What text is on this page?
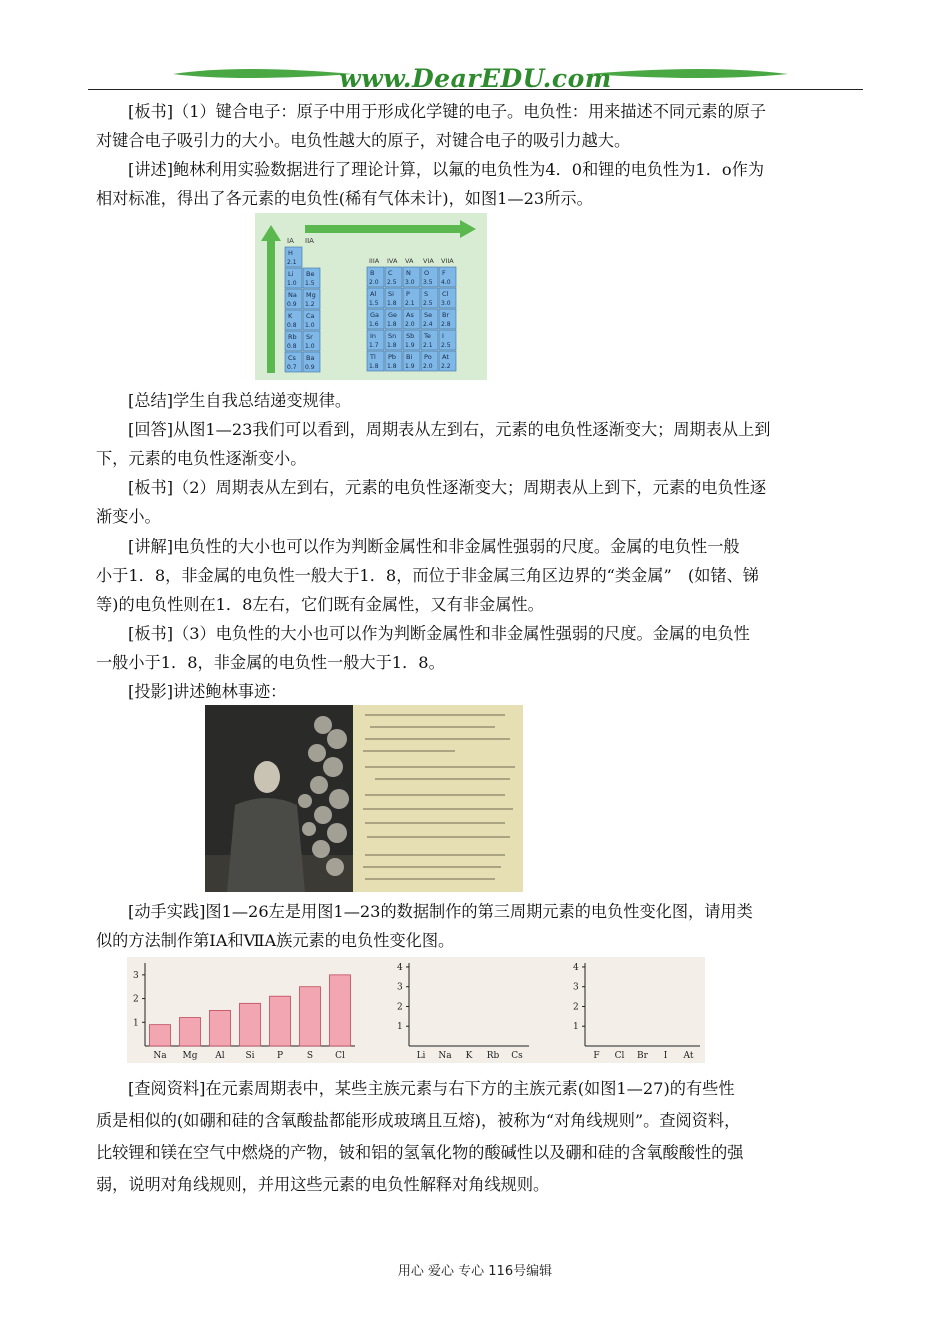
www.DearEDU.com
[板书]（1）键合电子：原子中用于形成化学键的电子。电负性：用来描述不同元素的原子
对键合电子吸引力的大小。电负性越大的原子，对键合电子的吸引力越大。
[讲述]鲍林利用实验数据进行了理论计算，以氟的电负性为4．0和锂的电负性为1．o作为
相对标准，得出了各元素的电负性(稀有气体未计)，如图1—23所示。
IA IIA
IIIA IVA VA VIA VIIA
H
2.1
Li
1.0
Be
1.5
Na
0.9
Mg
1.2
K
0.8
Ca
1.0
Rb
0.8
Sr
1.0
Cs
0.7
Ba
0.9
B
2.0
C
2.5
N
3.0
O
3.5
F
4.0
Al
1.5
Si
1.8
P
2.1
S
2.5
Cl
3.0
Ga
1.6
Ge
1.8
As
2.0
Se
2.4
Br
2.8
In
1.7
Sn
1.8
Sb
1.9
Te
2.1
I
2.5
Tl
1.8
Pb
1.8
Bi
1.9
Po
2.0
At
2.2
[总结]学生自我总结递变规律。
[回答]从图1—23我们可以看到，周期表从左到右，元素的电负性逐渐变大；周期表从上到
下，元素的电负性逐渐变小。
[板书]（2）周期表从左到右，元素的电负性逐渐变大；周期表从上到下，元素的电负性逐
渐变小。
[讲解]电负性的大小也可以作为判断金属性和非金属性强弱的尺度。金属的电负性一般
小于1．8，非金属的电负性一般大于1．8，而位于非金属三角区边界的“类金属”　(如锗、锑
等)的电负性则在1．8左右，它们既有金属性，又有非金属性。
[板书]（3）电负性的大小也可以作为判断金属性和非金属性强弱的尺度。金属的电负性
一般小于1．8，非金属的电负性一般大于1．8。
[投影]讲述鲍林事迹：
[动手实践]图1—26左是用图1—23的数据制作的第三周期元素的电负性变化图，请用类
似的方法制作第ⅠA和ⅦA族元素的电负性变化图。
1
2
3
Na Mg Al Si P	S Cl
1
2
3
4
Li Na K Rb Cs
1
2
3
4
F Cl Br I At
[查阅资料]在元素周期表中，某些主族元素与右下方的主族元素(如图1—27)的有些性
质是相似的(如硼和硅的含氧酸盐都能形成玻璃且互熔)，被称为“对角线规则”。查阅资料，
比较锂和镁在空气中燃烧的产物，铍和铝的氢氧化物的酸碱性以及硼和硅的含氧酸酸性的强
弱，说明对角线规则，并用这些元素的电负性解释对角线规则。
用心 爱心 专心 116号编辑
